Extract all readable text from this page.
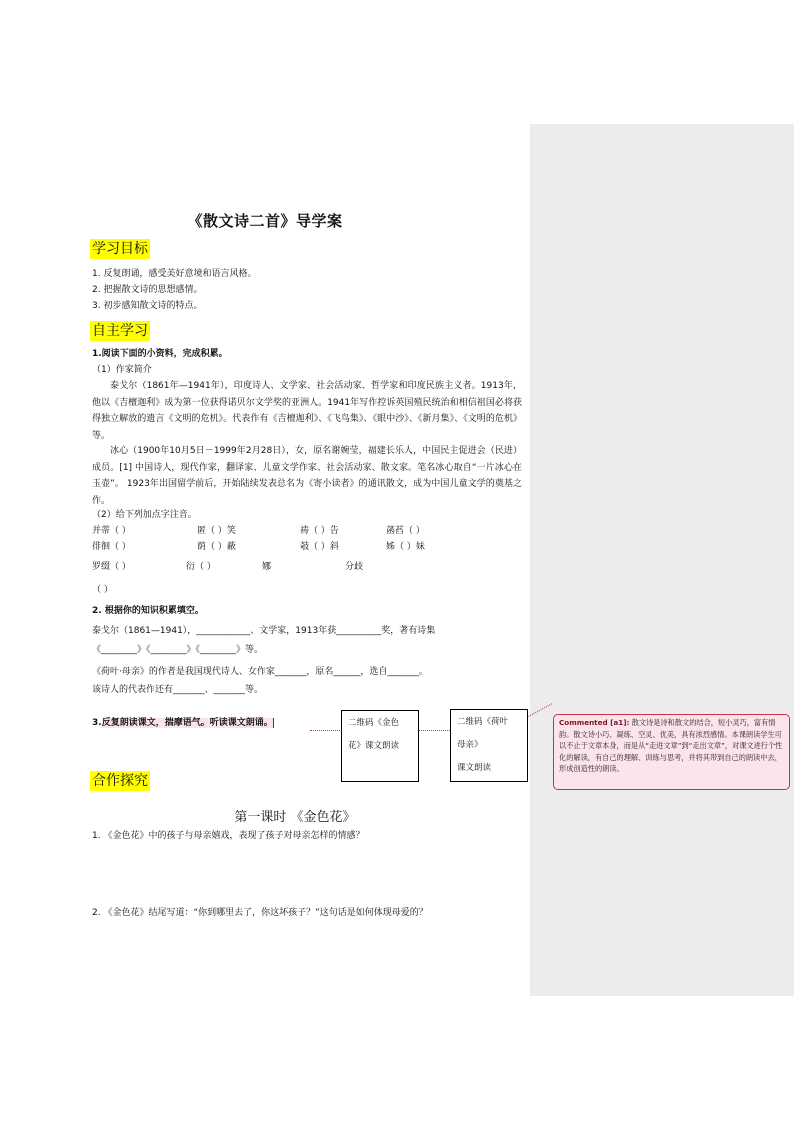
《散文诗二首》导学案
学习目标
1. 反复朗诵，感受美好意境和语言风格。
2. 把握散文诗的思想感情。
3. 初步感知散文诗的特点。
自主学习
1.阅读下面的小资料，完成积累。
（1）作家简介
泰戈尔（1861年—1941年），印度诗人、文学家、社会活动家、哲学家和印度民族主义者。1913年，他以《吉檀迦利》成为第一位获得诺贝尔文学奖的亚洲人。1941年写作控诉英国殖民统治和相信祖国必将获得独立解放的遗言《文明的危机》。代表作有《吉檀迦利》、《飞鸟集》、《眼中沙》、《新月集》、《文明的危机》等。
冰心（1900年10月5日－1999年2月28日），女，原名谢婉莹，福建长乐人，中国民主促进会（民进）成员。[1] 中国诗人，现代作家，翻译家、儿童文学作家、社会活动家、散文家。笔名冰心取自“一片冰心在玉壶”。 1923年出国留学前后，开始陆续发表总名为《寄小读者》的通讯散文，成为中国儿童文学的奠基之作。
（2）给下列加点字注音。
并蒂（ ）	匿（ ）笑	祷（ ）告	菡萏（ ）
徘徊（ ）	荫（ ）蔽	攲（ ）斜	姊（ ）妹
罗缀（ ）	衍（ ）	娜	分歧
（ ）
2. 根据你的知识积累填空。
泰戈尔（1861—1941），____________、文学家，1913年获__________奖，著有诗集
《________》《________》《________》等。
《荷叶·母亲》的作者是我国现代诗人、女作家_______，原名______，选自_______。
该诗人的代表作还有_______、_______等。
3.反复朗读课文，揣摩语气。听读课文朗诵。	二维码《金色
花》课文朗读
二维码《荷叶
母亲》
课文朗读
合作探究
第一课时 《金色花》
1. 《金色花》中的孩子与母亲嬉戏，表现了孩子对母亲怎样的情感？
2. 《金色花》结尾写道：“你到哪里去了，你这坏孩子？”这句话是如何体现母爱的？
Commented [a1]: 散文诗是诗和散文的结合，短小灵巧，富有情韵。散文诗小巧、凝练、空灵、优美，具有浓烈感情。本课朗读学生可以不止于文章本身，而是从“走进文章”到“走出文章”，对课文进行个性化的解读，有自己的理解、训练与思考，并将其带到自己的朗读中去，形成创造性的朗读。
